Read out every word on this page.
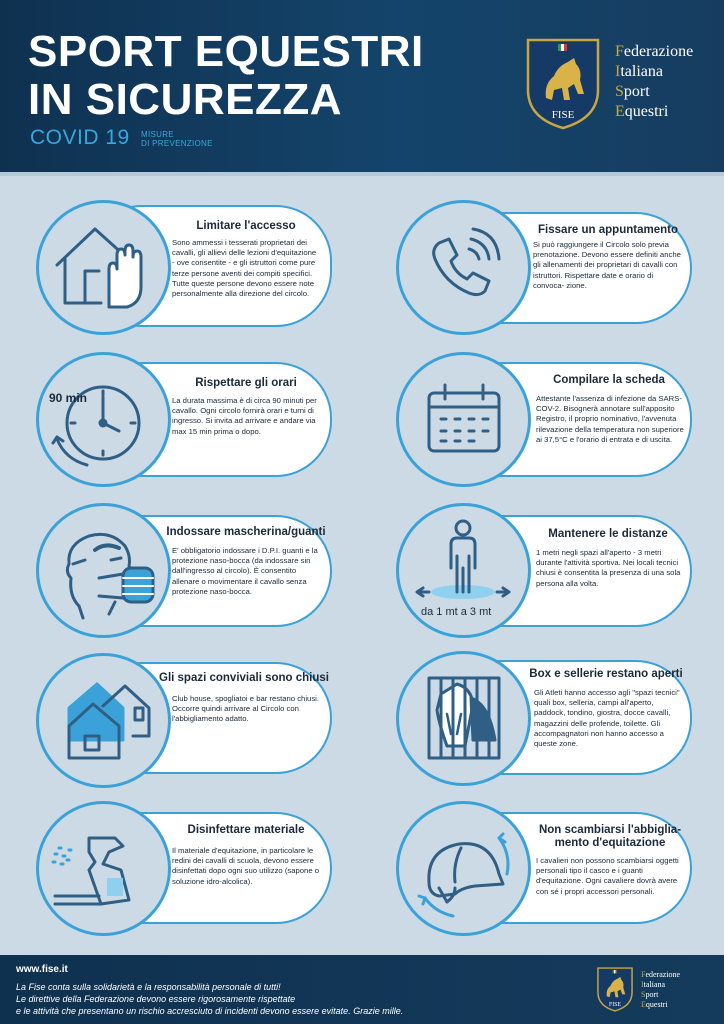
SPORT EQUESTRI
IN SICUREZZA
COVID 19 MISURE
DI PREVENZIONE
FISE
Federazione
Italiana
Sport
Equestri
Limitare l'accesso
Sono ammessi i tesserati proprietari dei cavalli, gli allievi delle lezioni d'equitazione - ove consentite - e gli istruttori come pure terze persone aventi dei compiti specifici. Tutte queste persone devono essere note personalmente alla direzione del circolo.
Fissare un appuntamento
Si può raggiungere il Circolo solo previa prenotazione. Devono essere definiti anche gli allenamenti dei proprietari di cavalli con istruttori. Rispettare date e orario di convoca- zione.
90 min
Rispettare gli orari
La durata massima è di circa 90 minuti per cavallo. Ogni circolo fornirà orari e turni di ingresso. Si invita ad arrivare e andare via max 15 min prima o dopo.
Compilare la scheda
Attestante l'assenza di infezione da SARS-COV-2. Bisognerà annotare sull'apposito Registro, il proprio nominativo, l'avvenuta rilevazione della temperatura non superiore ai 37,5°C e l'orario di entrata e di uscita.
Indossare mascherina/guanti
E' obbligatorio indossare i D.P.I. guanti e la protezione naso-bocca (da indossare sin dall'ingresso al circolo). È consentito allenare o movimentare il cavallo senza protezione naso-bocca.
da 1 mt a 3 mt
Mantenere le distanze
1 metri negli spazi all'aperto - 3 metri durante l'attività sportiva. Nei locali tecnici chiusi è consentita la presenza di una sola persona alla volta.
Gli spazi conviviali sono chiusi
Club house, spogliatoi e bar restano chiusi. Occorre quindi arrivare al Circolo con l'abbigliamento adatto.
Box e sellerie restano aperti
Gli Atleti hanno accesso agli "spazi tecnici" quali box, selleria, campi all'aperto, paddock, tondino, giostra, docce cavalli, magazzini delle profende, toilette. Gli accompagnatori non hanno accesso a queste zone.
Disinfettare materiale
Il materiale d'equitazione, in particolare le redini dei cavalli di scuola, devono essere disinfettati dopo ogni suo utilizzo (sapone o soluzione idro-alcolica).
Non scambiarsi l'abbiglia- mento d'equitazione
I cavalieri non possono scambiarsi oggetti personali tipo il casco e i guanti d'equitazione. Ogni cavaliere dovrà avere con sé i propri accessori personali.
www.fise.it
La Fise conta sulla solidarietà e la responsabilità personale di tutti!
Le direttive della Federazione devono essere rigorosamente rispettate
e le attività che presentano un rischio accresciuto di incidenti devono essere evitate. Grazie mille.
FISE
Federazione
Italiana
Sport
Equestri
